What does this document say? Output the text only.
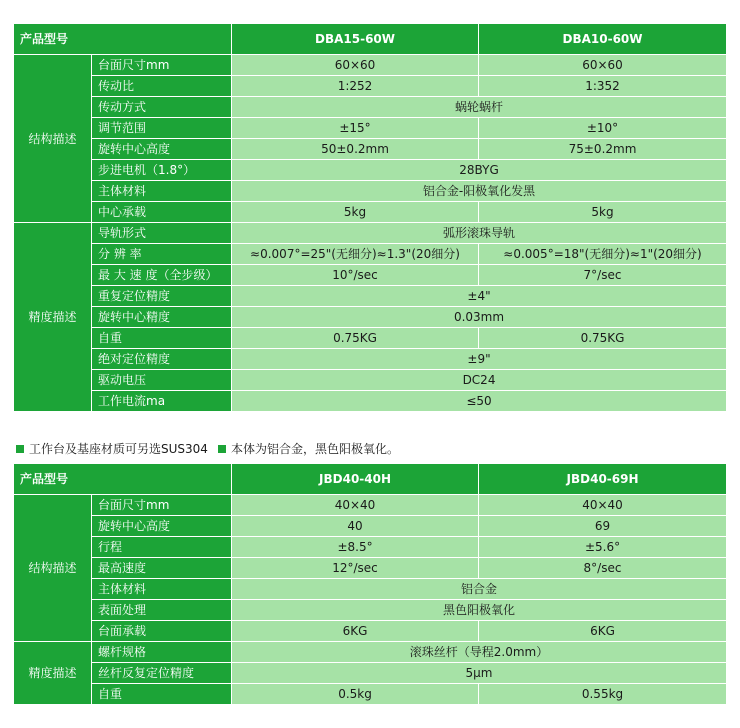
产品型号		DBA15-60W	DBA10-60W
结构描述	台面尺寸mm	60×60	60×60
	传动比	1:252	1:352
	传动方式	蜗轮蜗杆	
	调节范围	±15°	±10°
	旋转中心高度	50±0.2mm	75±0.2mm
	步进电机（1.8°）	28BYG	
	主体材料	铝合金-阳极氧化发黑	
	中心承载	5kg	5kg
精度描述	导轨形式	弧形滚珠导轨	
	分 辨 率	≈0.007°=25"(无细分)≈1.3"(20细分)	≈0.005°=18"(无细分)≈1"(20细分)
	最 大 速 度（全步级）	10°/sec	7°/sec
	重复定位精度	±4"	
	旋转中心精度	0.03mm	
	自重	0.75KG	0.75KG
	绝对定位精度	±9"	
	驱动电压	DC24	
	工作电流ma	≤50	
工作台及基座材质可另选SUS304 本体为铝合金，黑色阳极氧化。
产品型号		JBD40-40H	JBD40-69H
结构描述	台面尺寸mm	40×40	40×40
	旋转中心高度	40	69
	行程	±8.5°	±5.6°
	最高速度	12°/sec	8°/sec
	主体材料	铝合金	
	表面处理	黑色阳极氧化	
	台面承载	6KG	6KG
精度描述	螺杆规格	滚珠丝杆（导程2.0mm）	
	丝杆反复定位精度	5μm	
	自重	0.5kg	0.55kg
